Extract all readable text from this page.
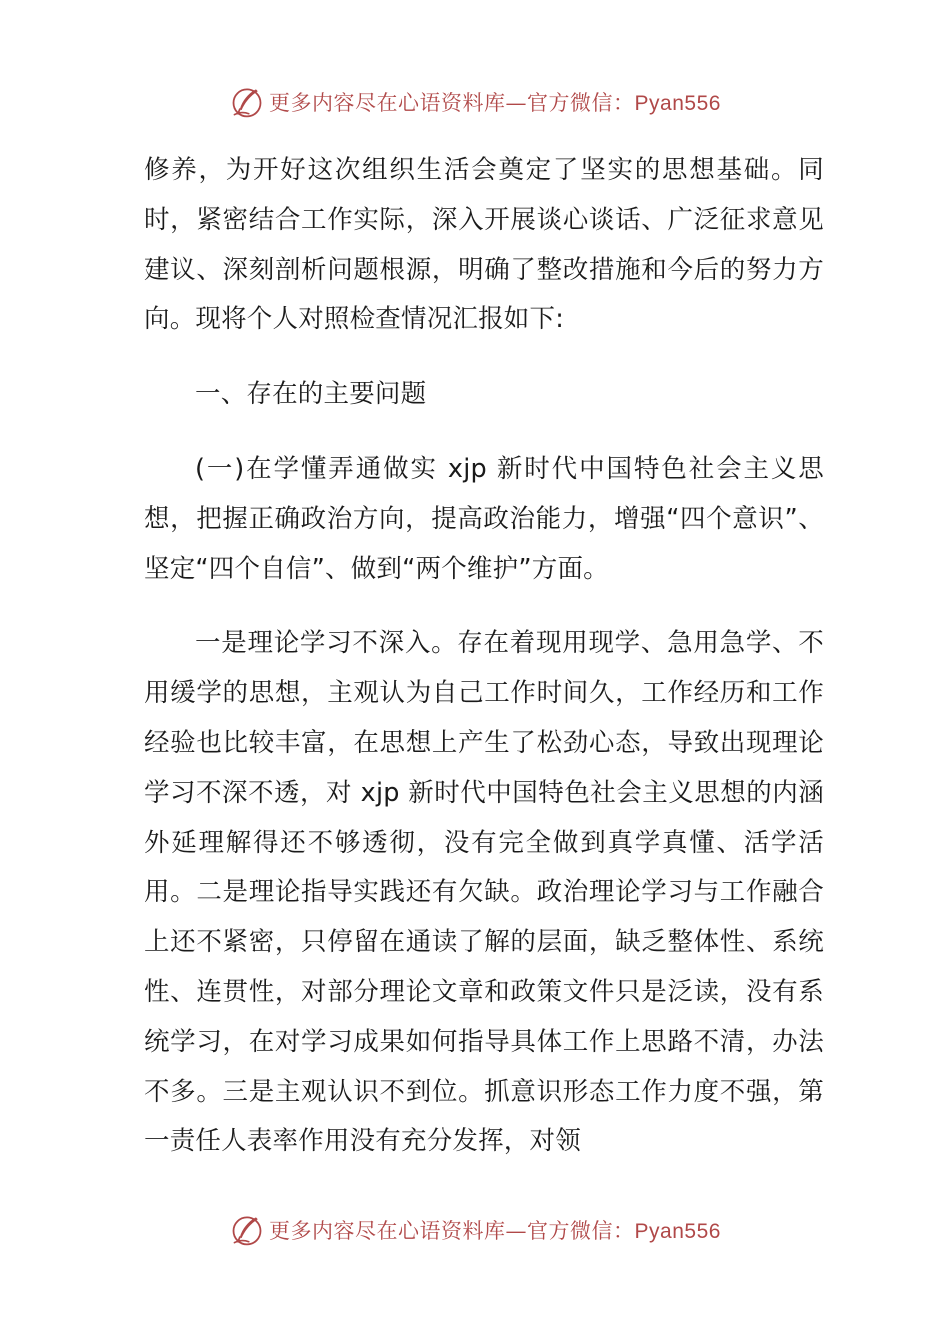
更多内容尽在心语资料库—官方微信：Pyan556

修养，为开好这次组织生活会奠定了坚实的思想基础。同时，紧密结合工作实际，深入开展谈心谈话、广泛征求意见建议、深刻剖析问题根源，明确了整改措施和今后的努力方向。现将个人对照检查情况汇报如下:

一、存在的主要问题

(一)在学懂弄通做实 xjp 新时代中国特色社会主义思想，把握正确政治方向，提高政治能力，增强“四个意识”、坚定“四个自信”、做到“两个维护”方面。

一是理论学习不深入。存在着现用现学、急用急学、不用缓学的思想，主观认为自己工作时间久，工作经历和工作经验也比较丰富，在思想上产生了松劲心态，导致出现理论学习不深不透，对 xjp 新时代中国特色社会主义思想的内涵外延理解得还不够透彻，没有完全做到真学真懂、活学活用。二是理论指导实践还有欠缺。政治理论学习与工作融合上还不紧密，只停留在通读了解的层面，缺乏整体性、系统性、连贯性，对部分理论文章和政策文件只是泛读，没有系统学习，在对学习成果如何指导具体工作上思路不清，办法不多。三是主观认识不到位。抓意识形态工作力度不强，第一责任人表率作用没有充分发挥，对领

更多内容尽在心语资料库—官方微信：Pyan556
